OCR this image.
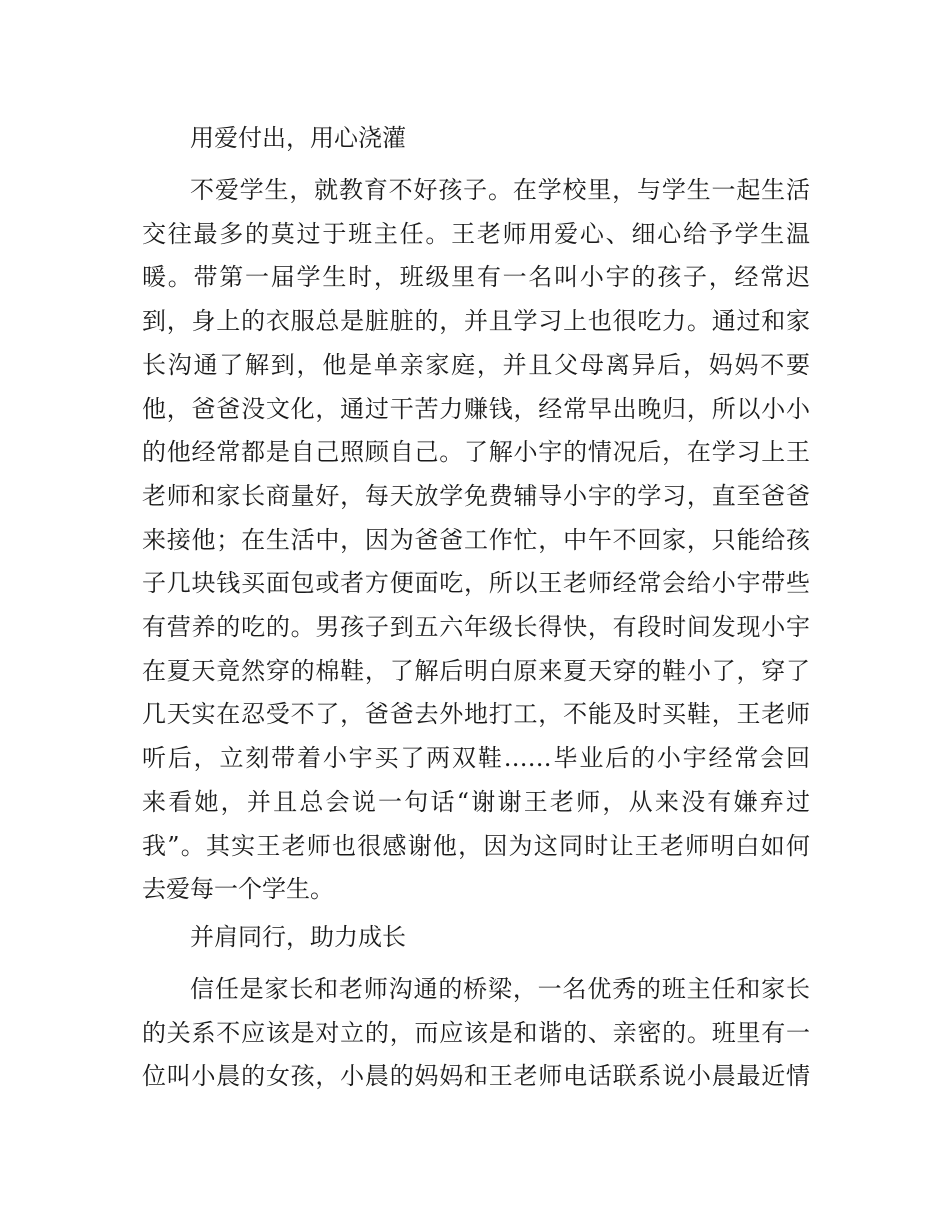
用爱付出，用心浇灌

不爱学生，就教育不好孩子。在学校里，与学生一起生活
交往最多的莫过于班主任。王老师用爱心、细心给予学生温
暖。带第一届学生时，班级里有一名叫小宇的孩子，经常迟
到，身上的衣服总是脏脏的，并且学习上也很吃力。通过和家
长沟通了解到，他是单亲家庭，并且父母离异后，妈妈不要
他，爸爸没文化，通过干苦力赚钱，经常早出晚归，所以小小
的他经常都是自己照顾自己。了解小宇的情况后，在学习上王
老师和家长商量好，每天放学免费辅导小宇的学习，直至爸爸
来接他；在生活中，因为爸爸工作忙，中午不回家，只能给孩
子几块钱买面包或者方便面吃，所以王老师经常会给小宇带些
有营养的吃的。男孩子到五六年级长得快，有段时间发现小宇
在夏天竟然穿的棉鞋，了解后明白原来夏天穿的鞋小了，穿了
几天实在忍受不了，爸爸去外地打工，不能及时买鞋，王老师
听后，立刻带着小宇买了两双鞋……毕业后的小宇经常会回
来看她，并且总会说一句话“谢谢王老师，从来没有嫌弃过
我”。其实王老师也很感谢他，因为这同时让王老师明白如何
去爱每一个学生。

并肩同行，助力成长

信任是家长和老师沟通的桥梁，一名优秀的班主任和家长
的关系不应该是对立的，而应该是和谐的、亲密的。班里有一
位叫小晨的女孩，小晨的妈妈和王老师电话联系说小晨最近情
